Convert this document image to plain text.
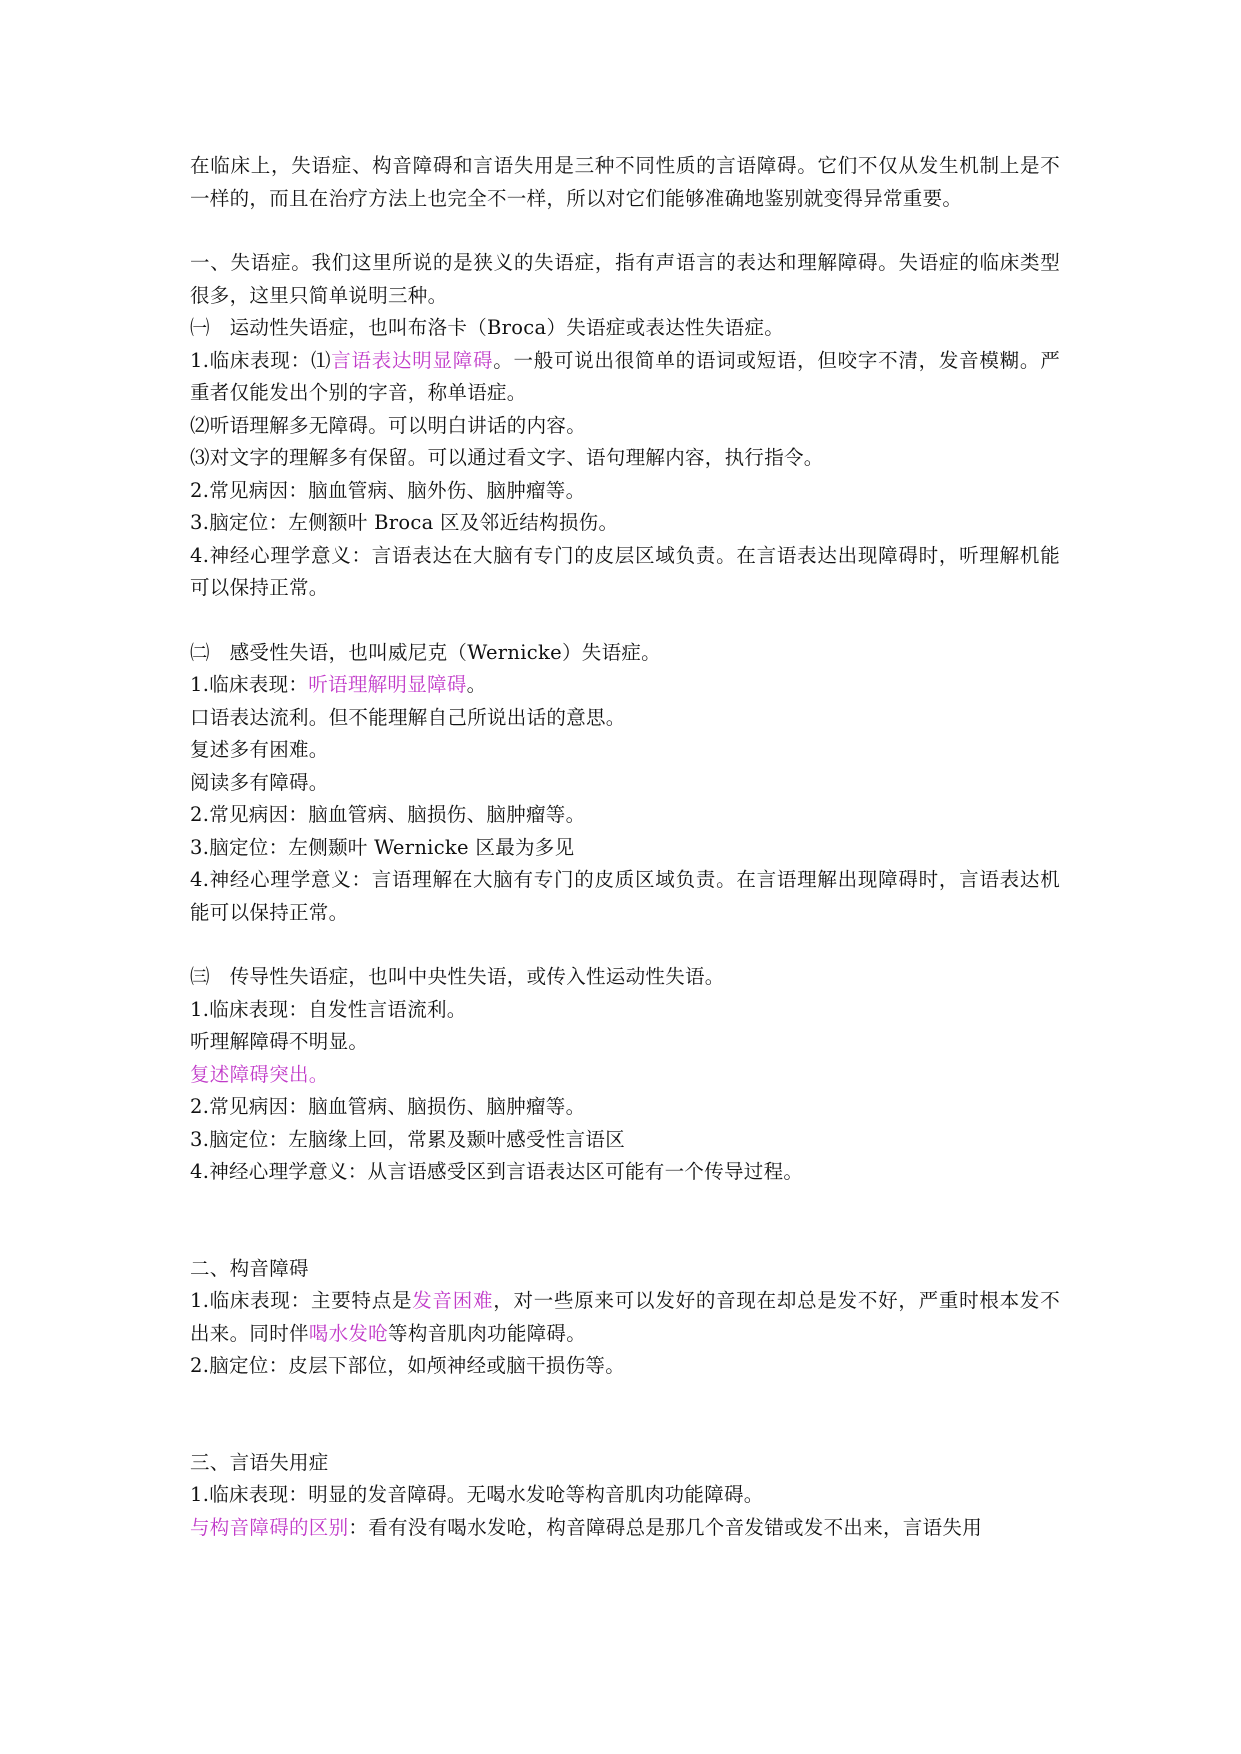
在临床上，失语症、构音障碍和言语失用是三种不同性质的言语障碍。它们不仅从发生机制上是不一样的，而且在治疗方法上也完全不一样，所以对它们能够准确地鉴别就变得异常重要。

一、失语症。我们这里所说的是狭义的失语症，指有声语言的表达和理解障碍。失语症的临床类型很多，这里只简单说明三种。

㈠　运动性失语症，也叫布洛卡（Broca）失语症或表达性失语症。

1.临床表现：⑴言语表达明显障碍。一般可说出很简单的语词或短语，但咬字不清，发音模糊。严重者仅能发出个别的字音，称单语症。

⑵听语理解多无障碍。可以明白讲话的内容。

⑶对文字的理解多有保留。可以通过看文字、语句理解内容，执行指令。

2.常见病因：脑血管病、脑外伤、脑肿瘤等。

3.脑定位：左侧额叶 Broca 区及邻近结构损伤。

4.神经心理学意义：言语表达在大脑有专门的皮层区域负责。在言语表达出现障碍时，听理解机能可以保持正常。

㈡　感受性失语，也叫威尼克（Wernicke）失语症。

1.临床表现：听语理解明显障碍。

口语表达流利。但不能理解自己所说出话的意思。

复述多有困难。

阅读多有障碍。

2.常见病因：脑血管病、脑损伤、脑肿瘤等。

3.脑定位：左侧颞叶 Wernicke 区最为多见

4.神经心理学意义：言语理解在大脑有专门的皮质区域负责。在言语理解出现障碍时，言语表达机能可以保持正常。

㈢　传导性失语症，也叫中央性失语，或传入性运动性失语。

1.临床表现：自发性言语流利。

听理解障碍不明显。

复述障碍突出。

2.常见病因：脑血管病、脑损伤、脑肿瘤等。

3.脑定位：左脑缘上回，常累及颞叶感受性言语区

4.神经心理学意义：从言语感受区到言语表达区可能有一个传导过程。

二、构音障碍

1.临床表现：主要特点是发音困难，对一些原来可以发好的音现在却总是发不好，严重时根本发不出来。同时伴喝水发呛等构音肌肉功能障碍。

2.脑定位：皮层下部位，如颅神经或脑干损伤等。

三、言语失用症

1.临床表现：明显的发音障碍。无喝水发呛等构音肌肉功能障碍。

与构音障碍的区别：看有没有喝水发呛，构音障碍总是那几个音发错或发不出来，言语失用
